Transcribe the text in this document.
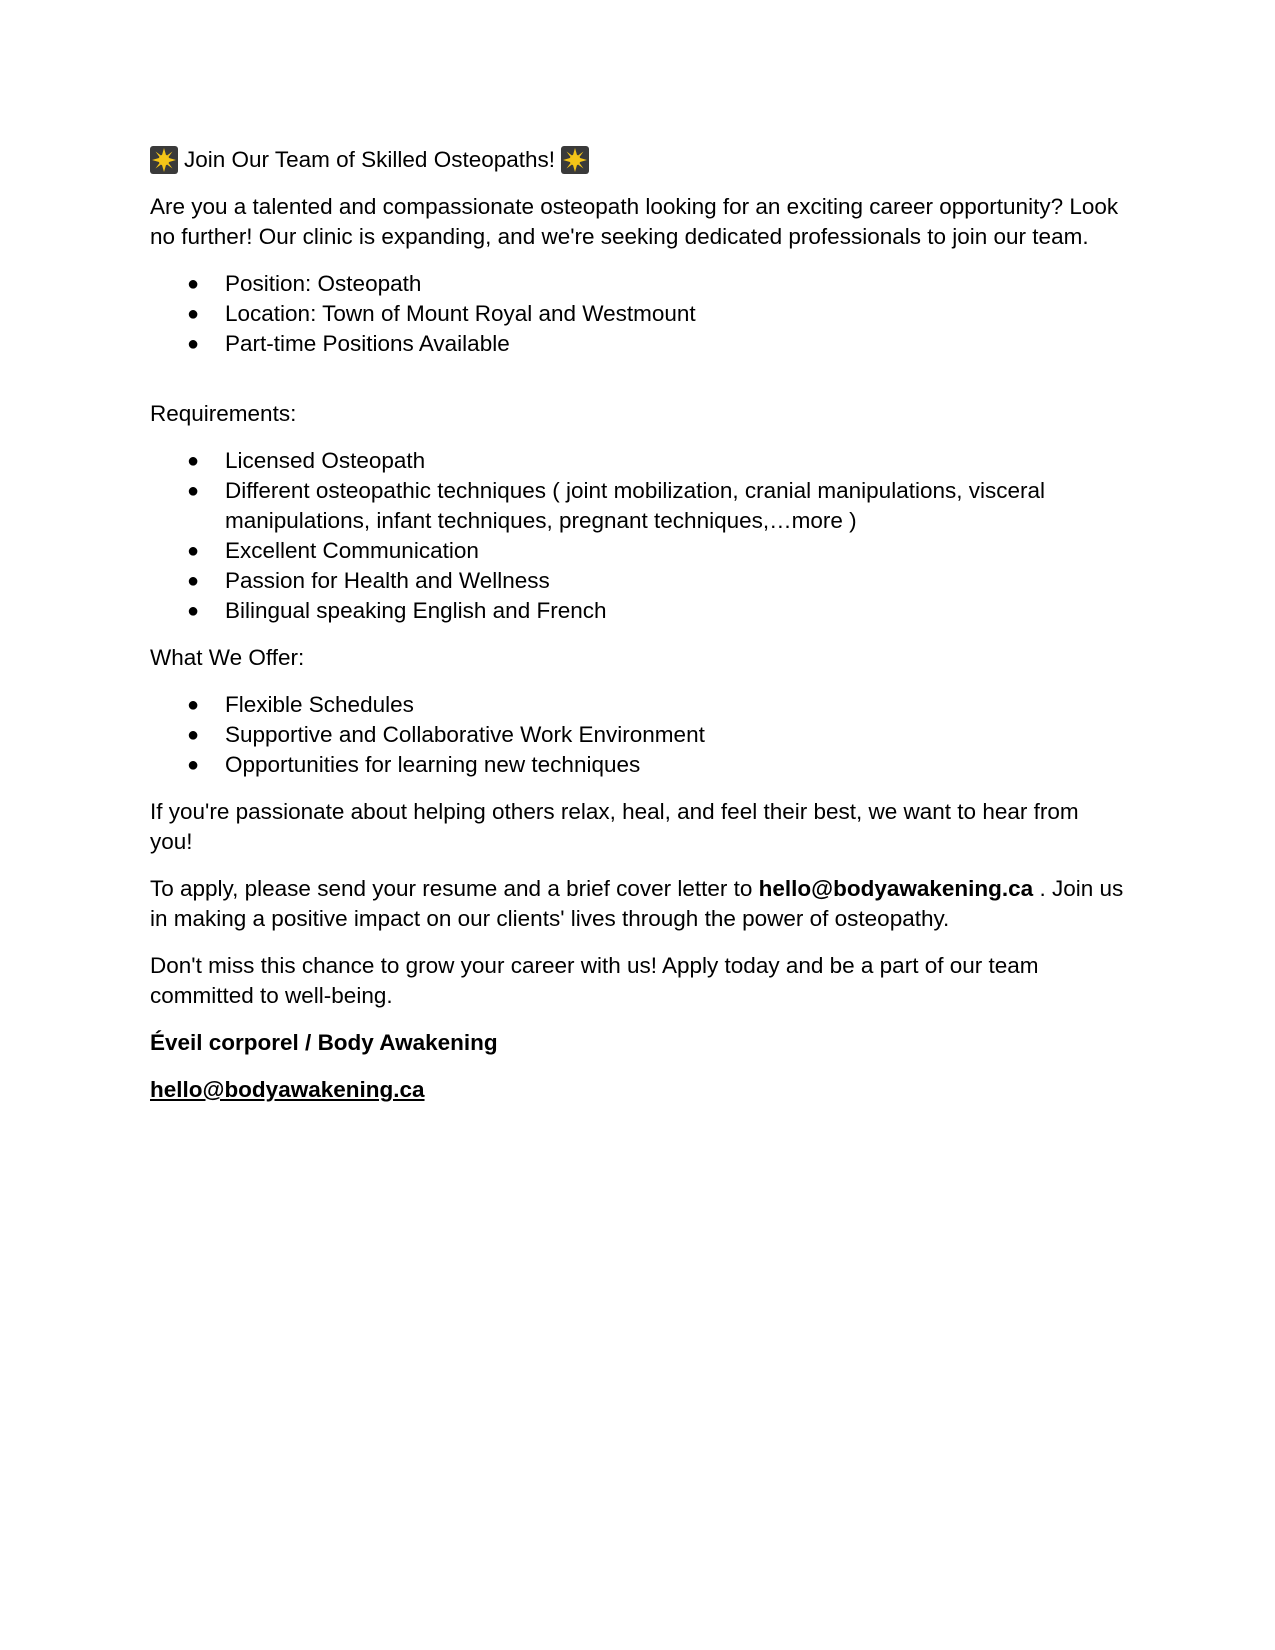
Join Our Team of Skilled Osteopaths!

Are you a talented and compassionate osteopath looking for an exciting career opportunity? Look no further! Our clinic is expanding, and we're seeking dedicated professionals to join our team.

● Position: Osteopath
● Location: Town of Mount Royal and Westmount
● Part-time Positions Available

Requirements:

● Licensed Osteopath
● Different osteopathic techniques ( joint mobilization, cranial manipulations, visceral manipulations, infant techniques, pregnant techniques,…more )
● Excellent Communication
● Passion for Health and Wellness
● Bilingual speaking English and French

What We Offer:

● Flexible Schedules
● Supportive and Collaborative Work Environment
● Opportunities for learning new techniques

If you're passionate about helping others relax, heal, and feel their best, we want to hear from you!

To apply, please send your resume and a brief cover letter to hello@bodyawakening.ca . Join us in making a positive impact on our clients' lives through the power of osteopathy.

Don't miss this chance to grow your career with us! Apply today and be a part of our team committed to well-being.

Éveil corporel / Body Awakening

hello@bodyawakening.ca
